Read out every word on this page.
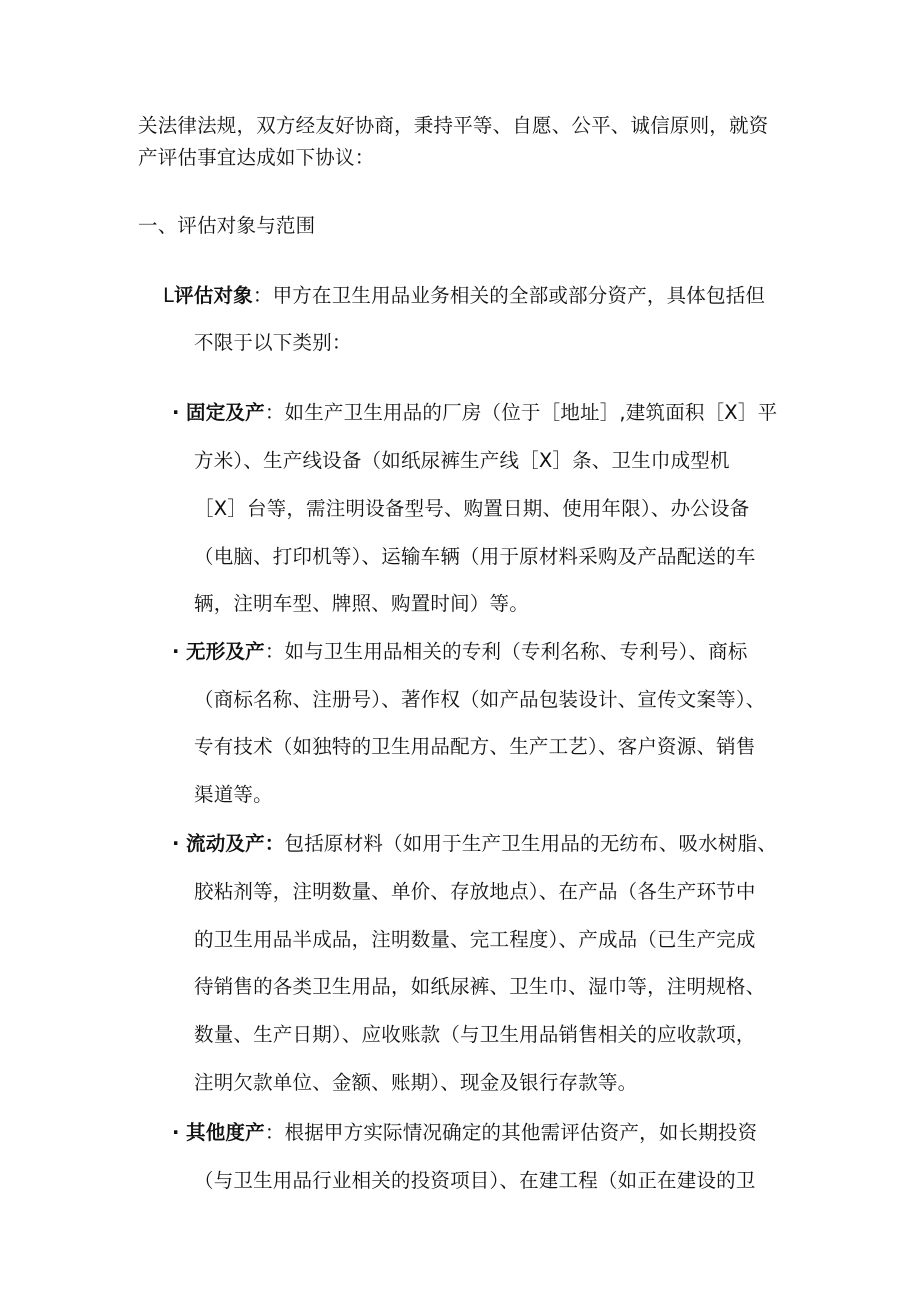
关法律法规，双方经友好协商，秉持平等、自愿、公平、诚信原则，就资
产评估事宜达成如下协议：
一、评估对象与范围
L评估对象：甲方在卫生用品业务相关的全部或部分资产，具体包括但
不限于以下类别：
· 固定及产：如生产卫生用品的厂房（位于［地址］,建筑面积［X］平
方米）、生产线设备（如纸尿裤生产线［X］条、卫生巾成型机
［X］台等，需注明设备型号、购置日期、使用年限）、办公设备
（电脑、打印机等）、运输车辆（用于原材料采购及产品配送的车
辆，注明车型、牌照、购置时间）等。
· 无形及产：如与卫生用品相关的专利（专利名称、专利号）、商标
（商标名称、注册号）、著作权（如产品包装设计、宣传文案等）、
专有技术（如独特的卫生用品配方、生产工艺）、客户资源、销售
渠道等。
· 流动及产：包括原材料（如用于生产卫生用品的无纺布、吸水树脂、
胶粘剂等，注明数量、单价、存放地点）、在产品（各生产环节中
的卫生用品半成品，注明数量、完工程度）、产成品（已生产完成
待销售的各类卫生用品，如纸尿裤、卫生巾、湿巾等，注明规格、
数量、生产日期）、应收账款（与卫生用品销售相关的应收款项，
注明欠款单位、金额、账期）、现金及银行存款等。
· 其他度产：根据甲方实际情况确定的其他需评估资产，如长期投资
（与卫生用品行业相关的投资项目）、在建工程（如正在建设的卫
